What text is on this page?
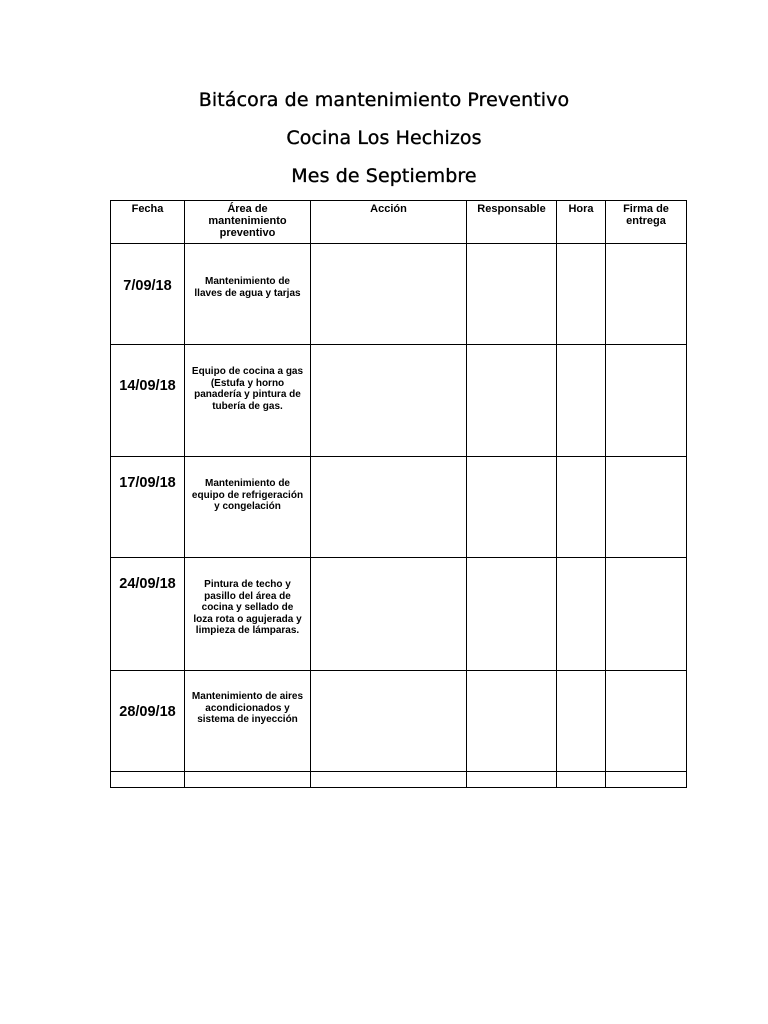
Bitácora de mantenimiento Preventivo
Cocina Los Hechizos
Mes de Septiembre
Fecha	Área de mantenimiento preventivo	Acción	Responsable	Hora	Firma de entrega

7/09/18	Mantenimiento de llaves de agua y tarjas				

14/09/18	Equipo de cocina a gas (Estufa y horno panadería y pintura de tubería de gas.				

17/09/18	Mantenimiento de equipo de refrigeración y congelación				

24/09/18	Pintura de techo y pasillo del área de cocina y sellado de loza rota o agujerada y limpieza de lámparas.				

28/09/18	Mantenimiento de aires acondicionados y sistema de inyección				
